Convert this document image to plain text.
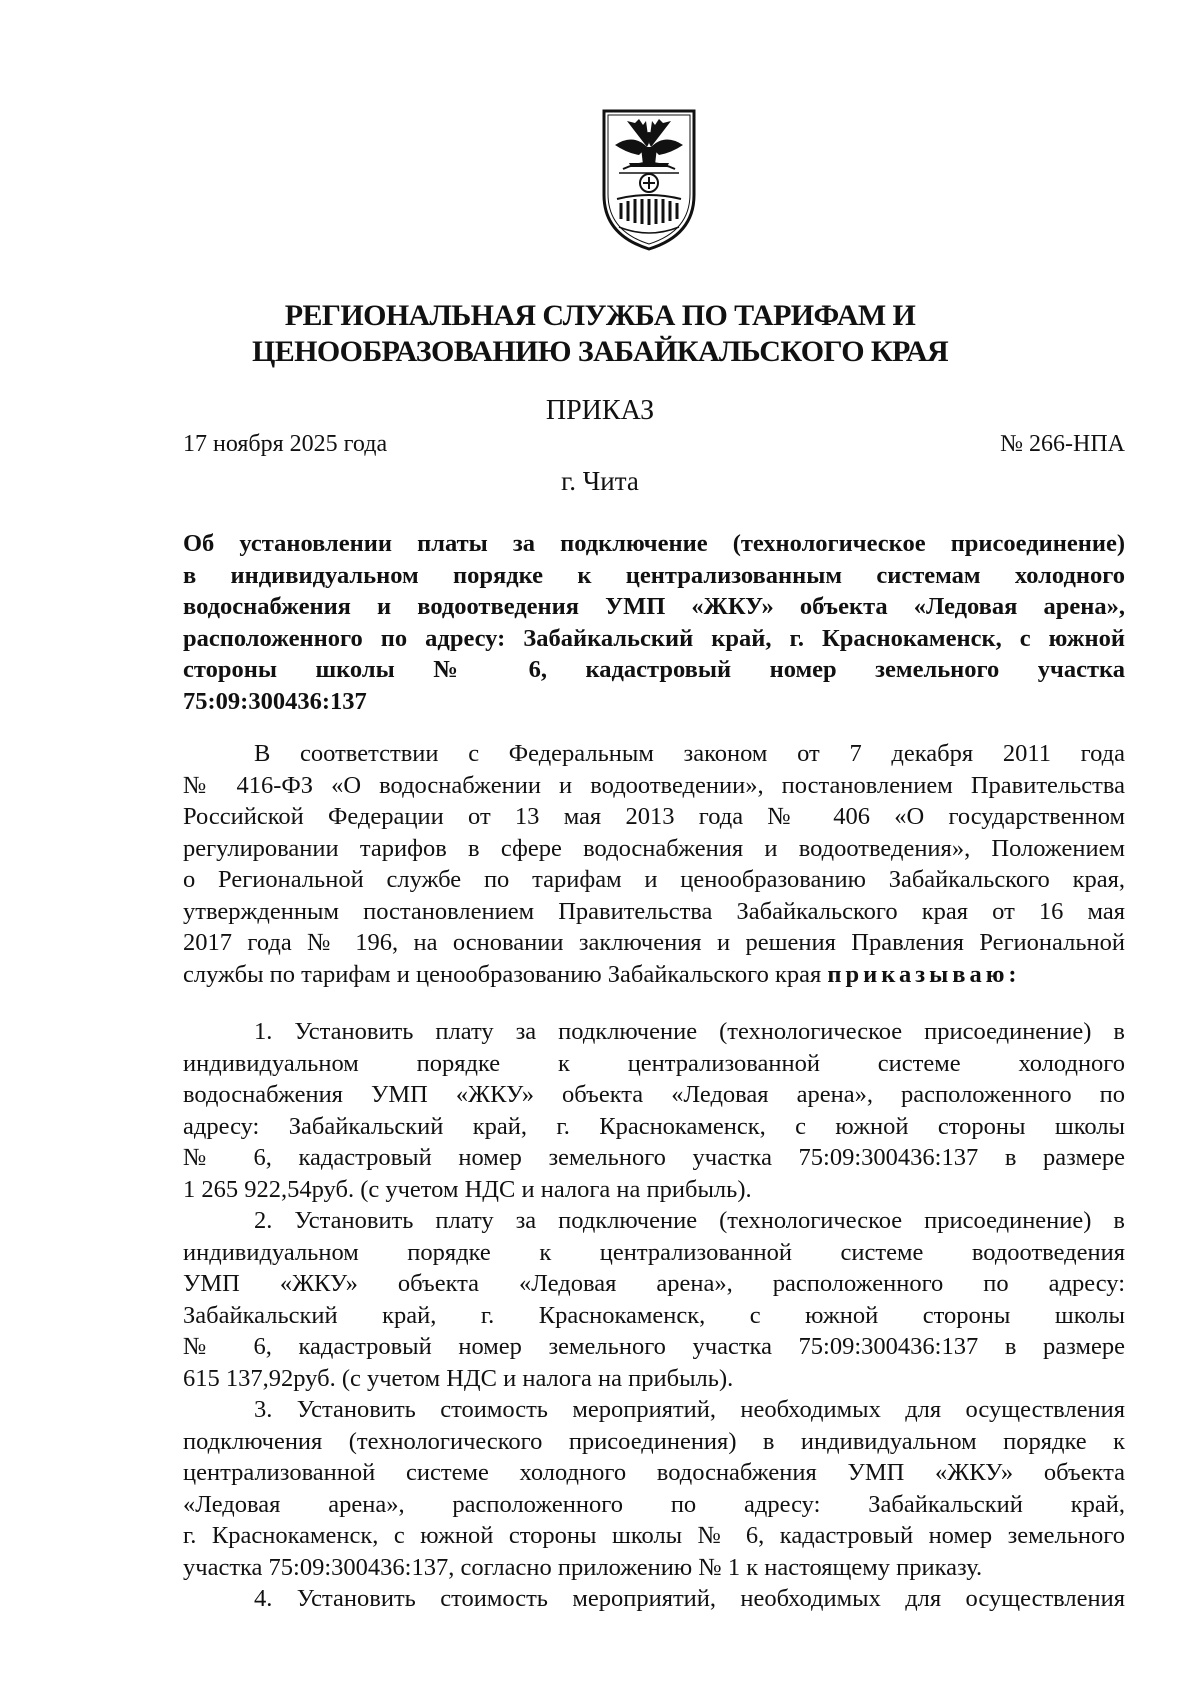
РЕГИОНАЛЬНАЯ СЛУЖБА ПО ТАРИФАМ И
ЦЕНООБРАЗОВАНИЮ ЗАБАЙКАЛЬСКОГО КРАЯ
ПРИКАЗ
17 ноября 2025 года	№ 266-НПА
г. Чита
Об установлении платы за подключение (технологическое присоединение)
в индивидуальном порядке к централизованным системам холодного
водоснабжения и водоотведения УМП «ЖКУ» объекта «Ледовая арена»,
расположенного по адресу: Забайкальский край, г. Краснокаменск, с южной
стороны школы № 6, кадастровый номер земельного участка
75:09:300436:137

В соответствии с Федеральным законом от 7 декабря 2011 года
№ 416-ФЗ «О водоснабжении и водоотведении», постановлением Правительства
Российской Федерации от 13 мая 2013 года № 406 «О государственном
регулировании тарифов в сфере водоснабжения и водоотведения», Положением
о Региональной службе по тарифам и ценообразованию Забайкальского края,
утвержденным постановлением Правительства Забайкальского края от 16 мая
2017 года № 196, на основании заключения и решения Правления Региональной
службы по тарифам и ценообразованию Забайкальского края приказываю:

1. Установить плату за подключение (технологическое присоединение) в
индивидуальном порядке к централизованной системе холодного
водоснабжения УМП «ЖКУ» объекта «Ледовая арена», расположенного по
адресу: Забайкальский край, г. Краснокаменск, с южной стороны школы
№ 6, кадастровый номер земельного участка 75:09:300436:137 в размере
1 265 922,54руб. (с учетом НДС и налога на прибыль).

2. Установить плату за подключение (технологическое присоединение) в
индивидуальном порядке к централизованной системе водоотведения
УМП «ЖКУ» объекта «Ледовая арена», расположенного по адресу:
Забайкальский край, г. Краснокаменск, с южной стороны школы
№ 6, кадастровый номер земельного участка 75:09:300436:137 в размере
615 137,92руб. (с учетом НДС и налога на прибыль).

3. Установить стоимость мероприятий, необходимых для осуществления
подключения (технологического присоединения) в индивидуальном порядке к
централизованной системе холодного водоснабжения УМП «ЖКУ» объекта
«Ледовая арена», расположенного по адресу: Забайкальский край,
г. Краснокаменск, с южной стороны школы № 6, кадастровый номер земельного
участка 75:09:300436:137, согласно приложению № 1 к настоящему приказу.

4. Установить стоимость мероприятий, необходимых для осуществления
